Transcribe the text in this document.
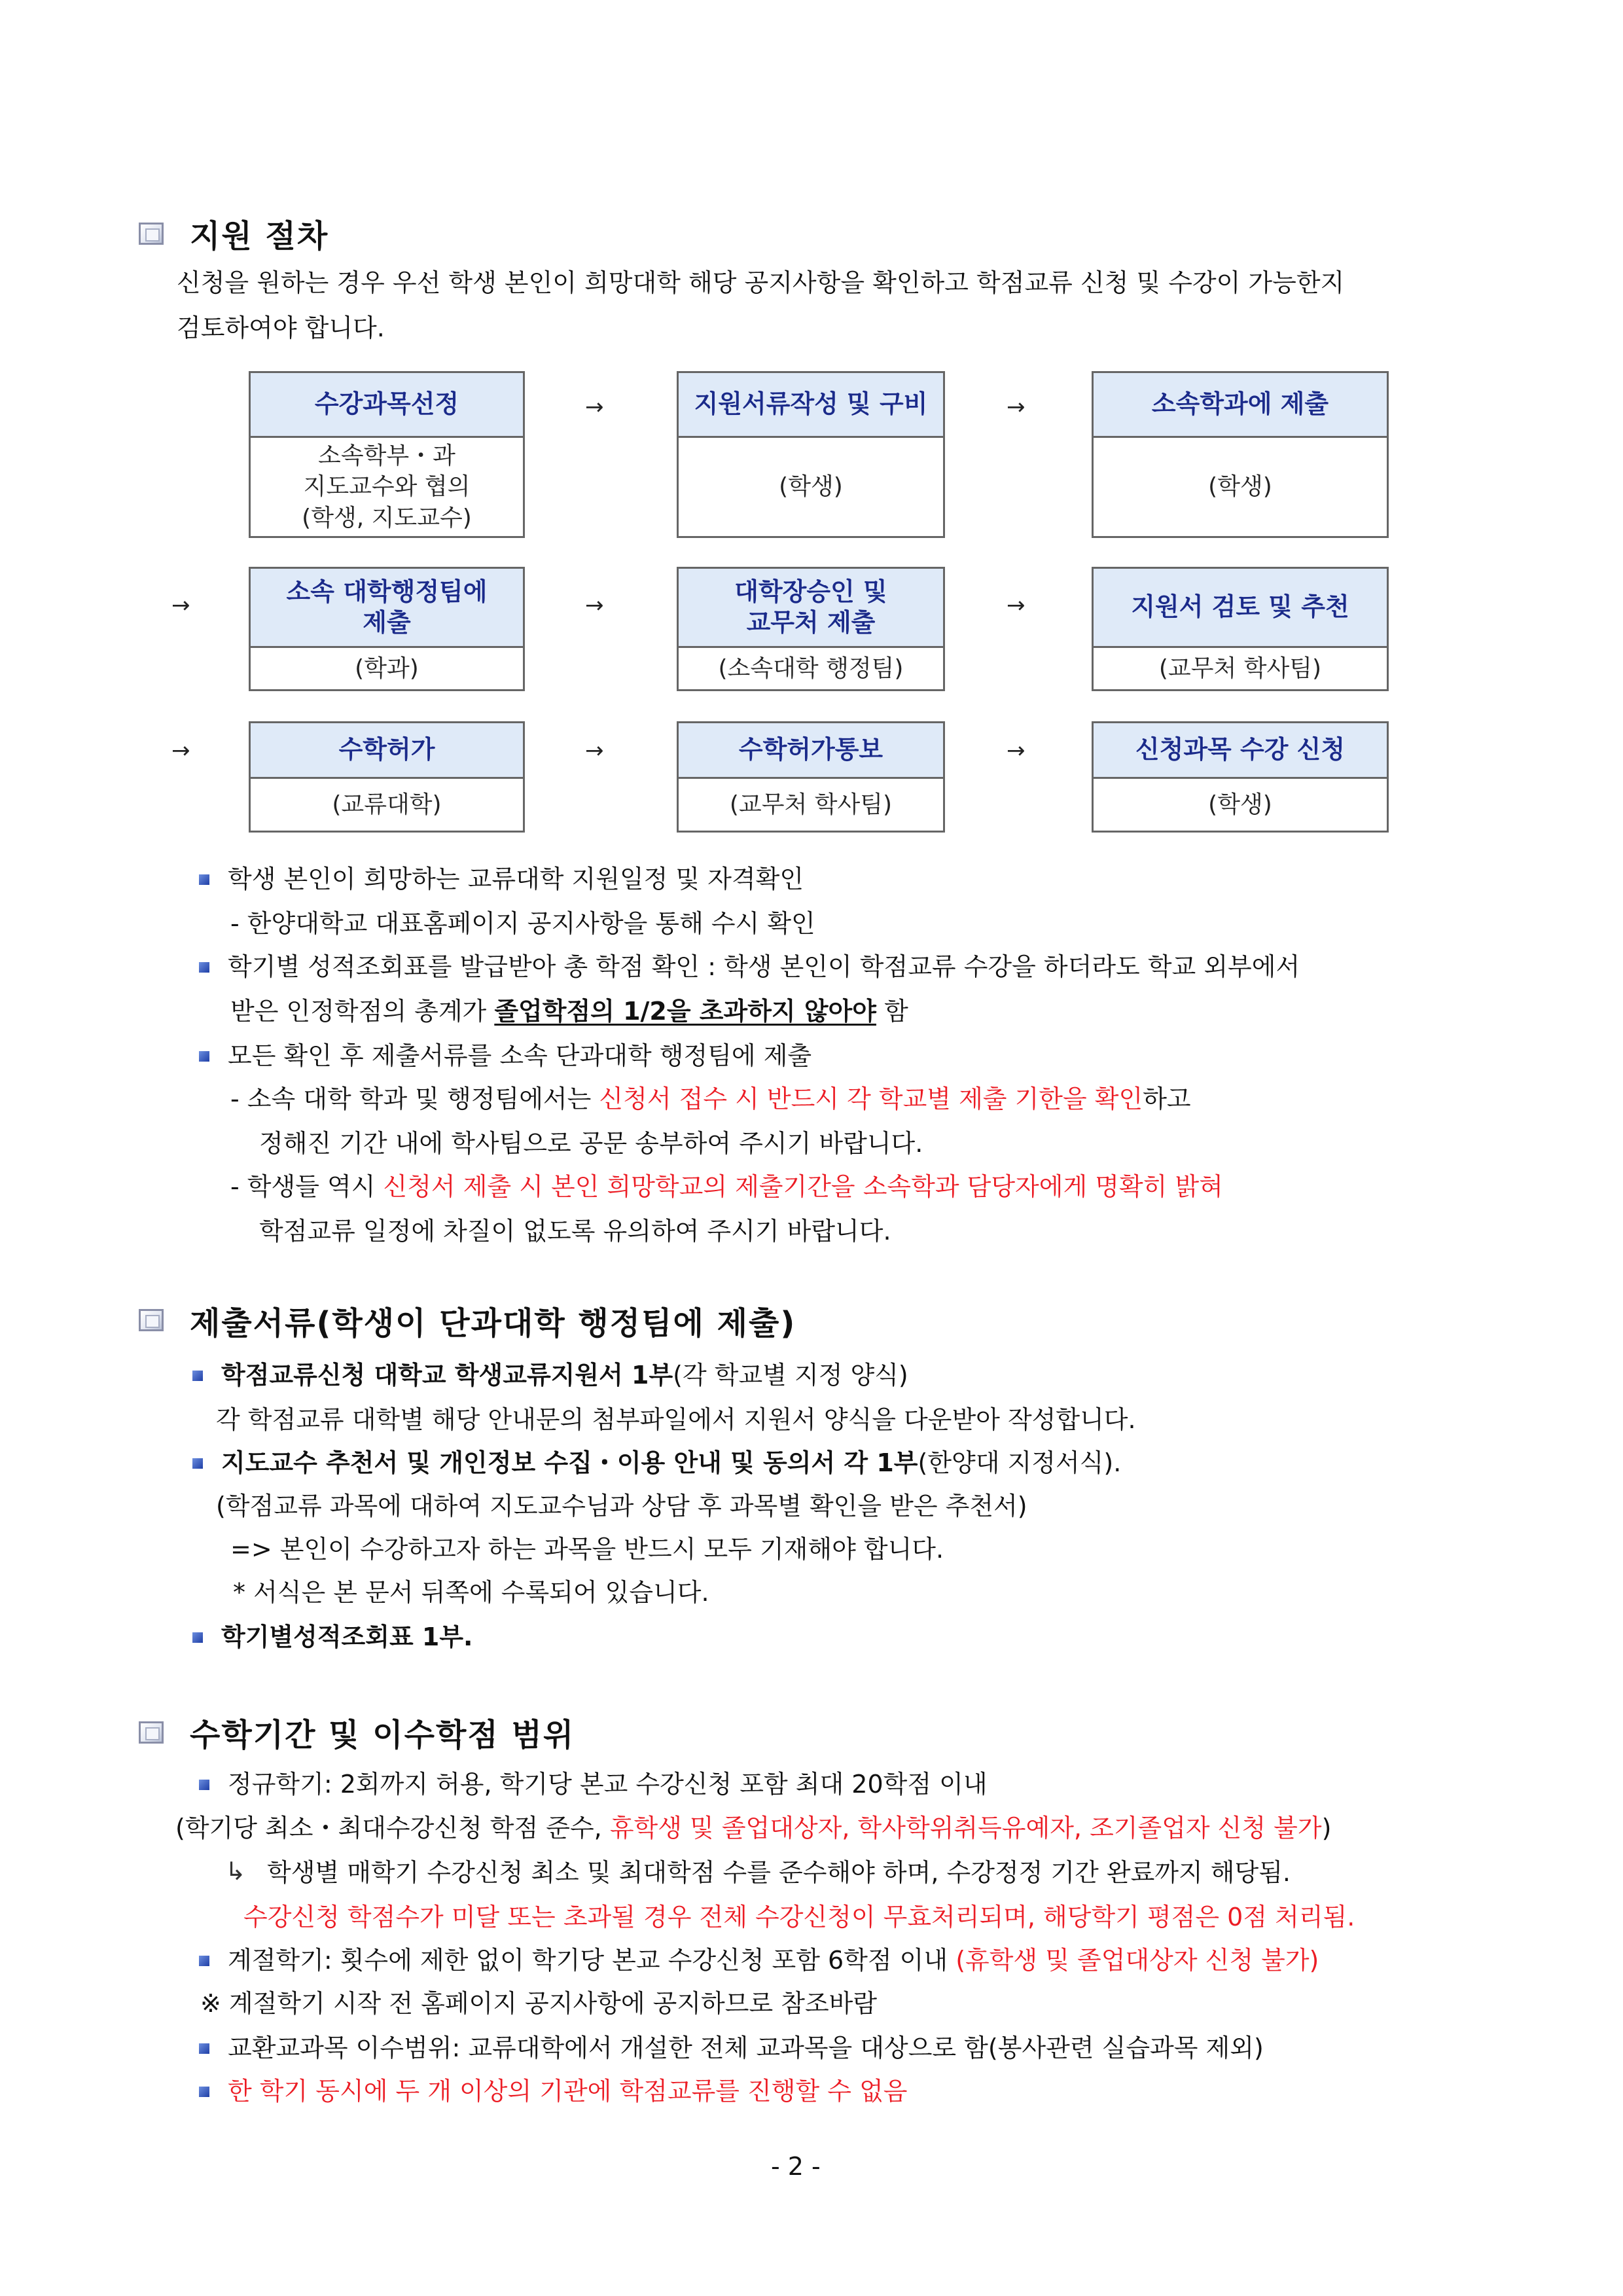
지원 절차
신청을 원하는 경우 우선 학생 본인이 희망대학 해당 공지사항을 확인하고 학점교류 신청 및 수강이 가능한지
검토하여야 합니다.
수강과목선정
소속학부・과
지도교수와 협의
(학생, 지도교수)
→	지원서류작성 및 구비
(학생)
→	소속학과에 제출
(학생)
→	소속 대학행정팀에
제출
(학과)
→	대학장승인 및
교무처 제출
(소속대학 행정팀)
→	지원서 검토 및 추천
(교무처 학사팀)
→	수학허가
(교류대학)
→	수학허가통보
(교무처 학사팀)
→	신청과목 수강 신청
(학생)
학생 본인이 희망하는 교류대학 지원일정 및 자격확인
- 한양대학교 대표홈페이지 공지사항을 통해 수시 확인
학기별 성적조회표를 발급받아 총 학점 확인 : 학생 본인이 학점교류 수강을 하더라도 학교 외부에서
받은 인정학점의 총계가 졸업학점의 1/2을 초과하지 않아야 함
모든 확인 후 제출서류를 소속 단과대학 행정팀에 제출
- 소속 대학 학과 및 행정팀에서는 신청서 접수 시 반드시 각 학교별 제출 기한을 확인하고
정해진 기간 내에 학사팀으로 공문 송부하여 주시기 바랍니다.
- 학생들 역시 신청서 제출 시 본인 희망학교의 제출기간을 소속학과 담당자에게 명확히 밝혀
학점교류 일정에 차질이 없도록 유의하여 주시기 바랍니다.
제출서류(학생이 단과대학 행정팀에 제출)
학점교류신청 대학교 학생교류지원서 1부(각 학교별 지정 양식)
각 학점교류 대학별 해당 안내문의 첨부파일에서 지원서 양식을 다운받아 작성합니다.
지도교수 추천서 및 개인정보 수집・이용 안내 및 동의서 각 1부(한양대 지정서식).
(학점교류 과목에 대하여 지도교수님과 상담 후 과목별 확인을 받은 추천서)
=> 본인이 수강하고자 하는 과목을 반드시 모두 기재해야 합니다.
* 서식은 본 문서 뒤쪽에 수록되어 있습니다.
학기별성적조회표 1부.
수학기간 및 이수학점 범위
정규학기: 2회까지 허용, 학기당 본교 수강신청 포함 최대 20학점 이내
(학기당 최소・최대수강신청 학점 준수, 휴학생 및 졸업대상자, 학사학위취득유예자, 조기졸업자 신청 불가)
↳ 학생별 매학기 수강신청 최소 및 최대학점 수를 준수해야 하며, 수강정정 기간 완료까지 해당됨.
수강신청 학점수가 미달 또는 초과될 경우 전체 수강신청이 무효처리되며, 해당학기 평점은 0점 처리됨.
계절학기: 횟수에 제한 없이 학기당 본교 수강신청 포함 6학점 이내 (휴학생 및 졸업대상자 신청 불가)
※ 계절학기 시작 전 홈페이지 공지사항에 공지하므로 참조바람
교환교과목 이수범위: 교류대학에서 개설한 전체 교과목을 대상으로 함(봉사관련 실습과목 제외)
한 학기 동시에 두 개 이상의 기관에 학점교류를 진행할 수 없음
- 2 -
